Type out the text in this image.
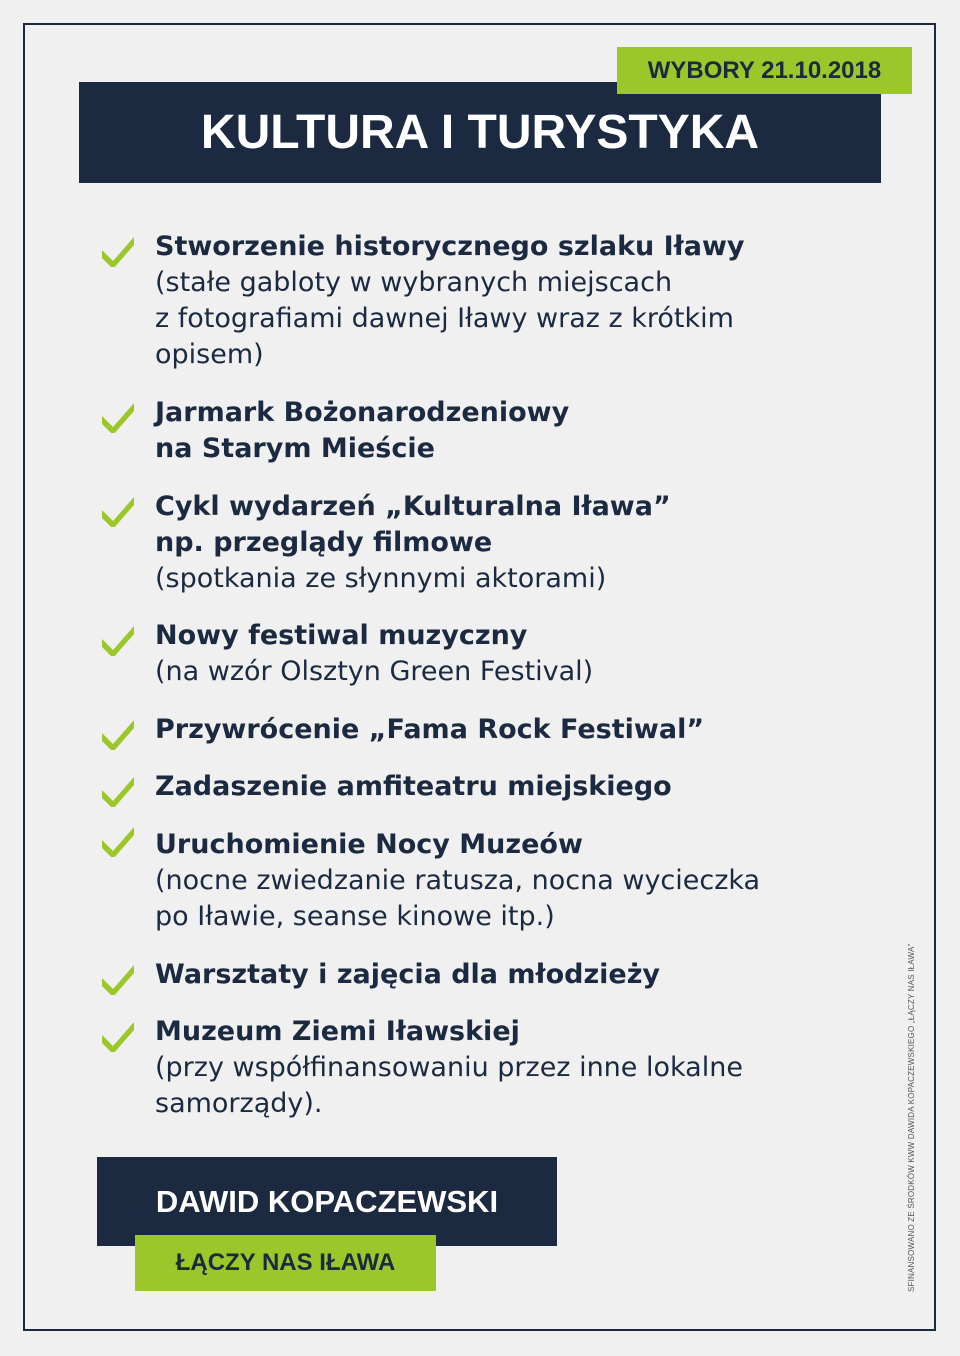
WYBORY 21.10.2018
KULTURA I TURYSTYKA
Stworzenie historycznego szlaku Iławy
(stałe gabloty w wybranych miejscach
z fotografiami dawnej Iławy wraz z krótkim
opisem)
Jarmark Bożonarodzeniowy
na Starym Mieście
Cykl wydarzeń „Kulturalna Iława”
np. przeglądy filmowe
(spotkania ze słynnymi aktorami)
Nowy festiwal muzyczny
(na wzór Olsztyn Green Festival)
Przywrócenie „Fama Rock Festiwal”
Zadaszenie amfiteatru miejskiego
Uruchomienie Nocy Muzeów
(nocne zwiedzanie ratusza, nocna wycieczka
po Iławie, seanse kinowe itp.)
Warsztaty i zajęcia dla młodzieży
Muzeum Ziemi Iławskiej
(przy współfinansowaniu przez inne lokalne
samorządy).
DAWID KOPACZEWSKI
ŁĄCZY NAS IŁAWA	SFINANSOWANO ZE ŚRODKÓW KWW DAWIDA KOPACZEWSKIEGO „ŁĄCZY NAS IŁAWA”
